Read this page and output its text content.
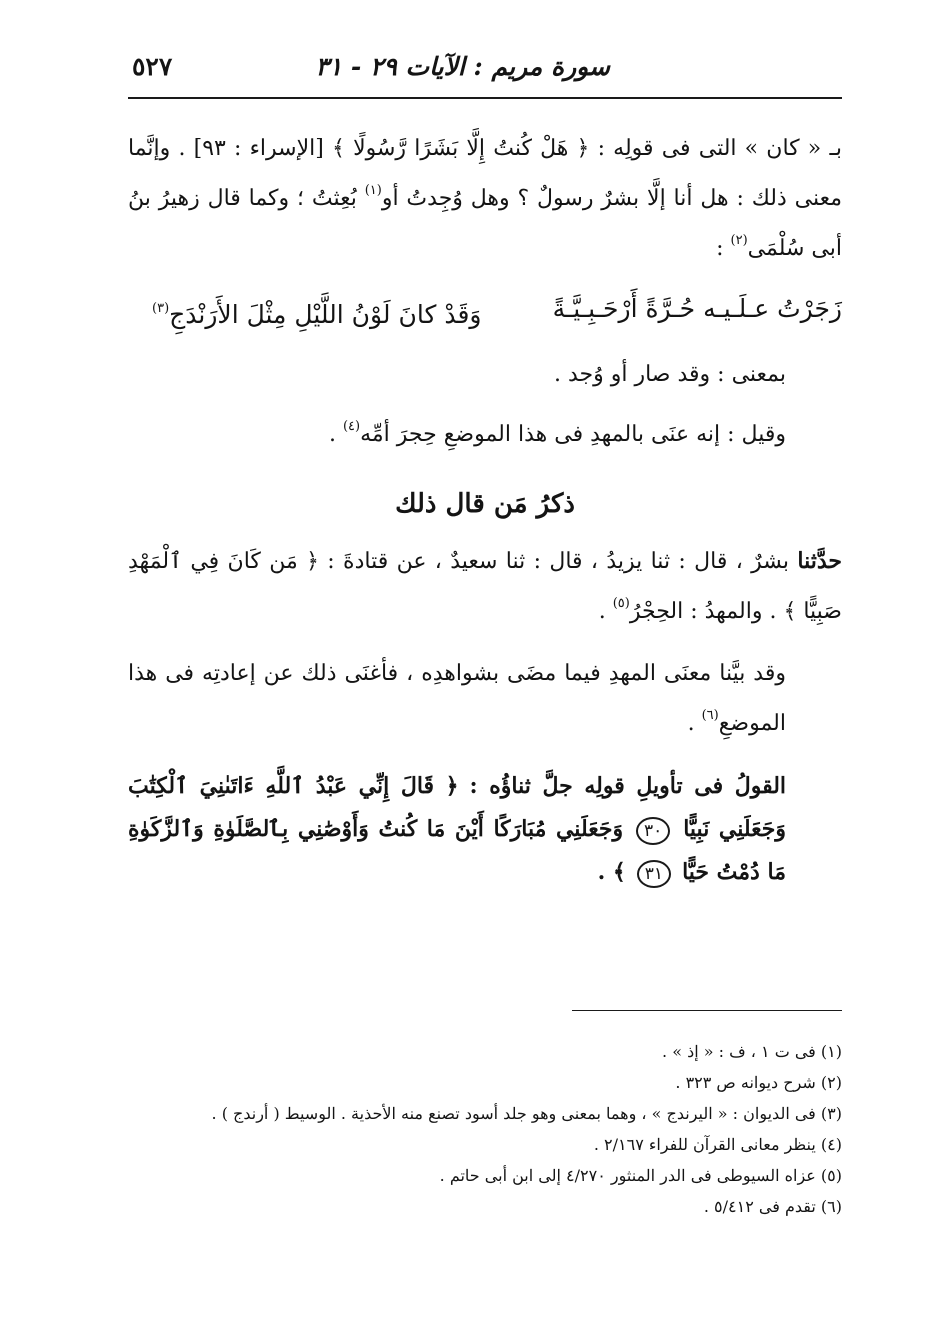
سورة مريم : الآيات ٢٩ - ٣١
٥٢٧

بـ « كان » التى فى قولِه : ﴿ هَلْ كُنتُ إِلَّا بَشَرًا رَّسُولًا ﴾ [الإسراء : ٩٣] . وإنَّما معنى ذلك : هل أنا إلَّا بشرٌ رسولٌ ؟ وهل وُجِدتُ أو$^{(١)}$ بُعِثتُ ؛ وكما قال زهيرُ بنُ أبى سُلْمَى$^{(٢)}$ :

زَجَرْتُ عـلَـيـه حُـرَّةً أَرْحَـبِـيَّـةً
وَقَدْ كانَ لَوْنُ اللَّيْلِ مِثْلَ الأَرَنْدَجِ$^{(٣)}$

بمعنى : وقد صار أو وُجد .

وقيل : إنه عنَى بالمهدِ فى هذا الموضعِ حِجرَ أمِّه$^{(٤)}$ .

ذكرُ مَن قال ذلك

حدَّثنا بشرٌ ، قال : ثنا يزيدُ ، قال : ثنا سعيدٌ ، عن قتادةَ : ﴿ مَن كَانَ فِي ٱلْمَهْدِ صَبِيًّا ﴾ . والمهدُ : الحِجْرُ$^{(٥)}$ .

وقد بيَّنا معنَى المهدِ فيما مضَى بشواهدِه ، فأغنَى ذلك عن إعادتِه فى هذا الموضعِ$^{(٦)}$ .

القولُ فى تأويلِ قولِه جلَّ ثناؤُه : ﴿ قَالَ إِنِّي عَبْدُ ٱللَّهِ ءَاتَىٰنِيَ ٱلْكِتَٰبَ وَجَعَلَنِي نَبِيًّا ٣٠ وَجَعَلَنِي مُبَارَكًا أَيْنَ مَا كُنتُ وَأَوْصَٰنِي بِٱلصَّلَوٰةِ وَٱلزَّكَوٰةِ مَا دُمْتُ حَيًّا ٣١ ﴾ .

(١) فى ت ١ ، ف : « إذ » .

(٢) شرح ديوانه ص ٣٢٣ .

(٣) فى الديوان : « اليرندج » ، وهما بمعنى وهو جلد أسود تصنع منه الأحذية . الوسيط ( أرندج ) .

(٤) ينظر معانى القرآن للفراء ٢/١٦٧ .

(٥) عزاه السيوطى فى الدر المنثور ٤/٢٧٠ إلى ابن أبى حاتم .

(٦) تقدم فى ٥/٤١٢ .
